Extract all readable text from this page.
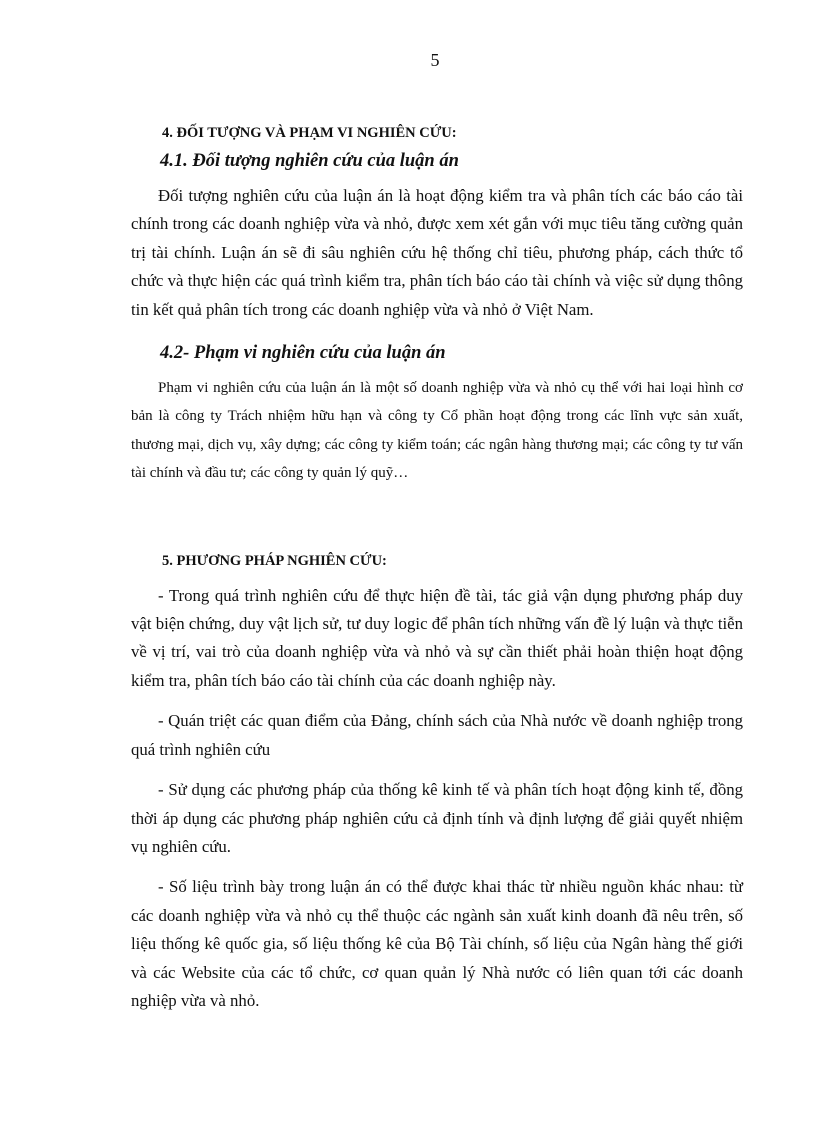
5
4. ĐỐI TƯỢNG VÀ PHẠM VI NGHIÊN CỨU:
4.1. Đối tượng nghiên cứu của luận án

Đối tượng nghiên cứu của luận án là hoạt động kiểm tra và phân tích các báo cáo tài chính trong các doanh nghiệp vừa và nhỏ, được xem xét gắn với mục tiêu tăng cường quản trị tài chính. Luận án sẽ đi sâu nghiên cứu hệ thống chỉ tiêu, phương pháp, cách thức tổ chức và thực hiện các quá trình kiểm tra, phân tích báo cáo tài chính và việc sử dụng thông tin kết quả phân tích trong các doanh nghiệp vừa và nhỏ ở Việt Nam.

4.2- Phạm vi nghiên cứu của luận án

Phạm vi nghiên cứu của luận án là một số doanh nghiệp vừa và nhỏ cụ thể với hai loại hình cơ bản là công ty Trách nhiệm hữu hạn và công ty Cổ phần hoạt động trong các lĩnh vực sản xuất, thương mại, dịch vụ, xây dựng; các công ty kiểm toán; các ngân hàng thương mại; các công ty tư vấn tài chính và đầu tư; các công ty quản lý quỹ…

5. PHƯƠNG PHÁP NGHIÊN CỨU:

- Trong quá trình nghiên cứu để thực hiện đề tài, tác giả vận dụng phương pháp duy vật biện chứng, duy vật lịch sử, tư duy logic để phân tích những vấn đề lý luận và thực tiễn về vị trí, vai trò của doanh nghiệp vừa và nhỏ và sự cần thiết phải hoàn thiện hoạt động kiểm tra, phân tích báo cáo tài chính của các doanh nghiệp này.

- Quán triệt các quan điểm của Đảng, chính sách của Nhà nước về doanh nghiệp trong quá trình nghiên cứu

- Sử dụng các phương pháp của thống kê kinh tế và phân tích hoạt động kinh tế, đồng thời áp dụng các phương pháp nghiên cứu cả định tính và định lượng để giải quyết nhiệm vụ nghiên cứu.

- Số liệu trình bày trong luận án có thể được khai thác từ nhiều nguồn khác nhau: từ các doanh nghiệp vừa và nhỏ cụ thể thuộc các ngành sản xuất kinh doanh đã nêu trên, số liệu thống kê quốc gia, số liệu thống kê của Bộ Tài chính, số liệu của Ngân hàng thế giới và các Website của các tổ chức, cơ quan quản lý Nhà nước có liên quan tới các doanh nghiệp vừa và nhỏ.
